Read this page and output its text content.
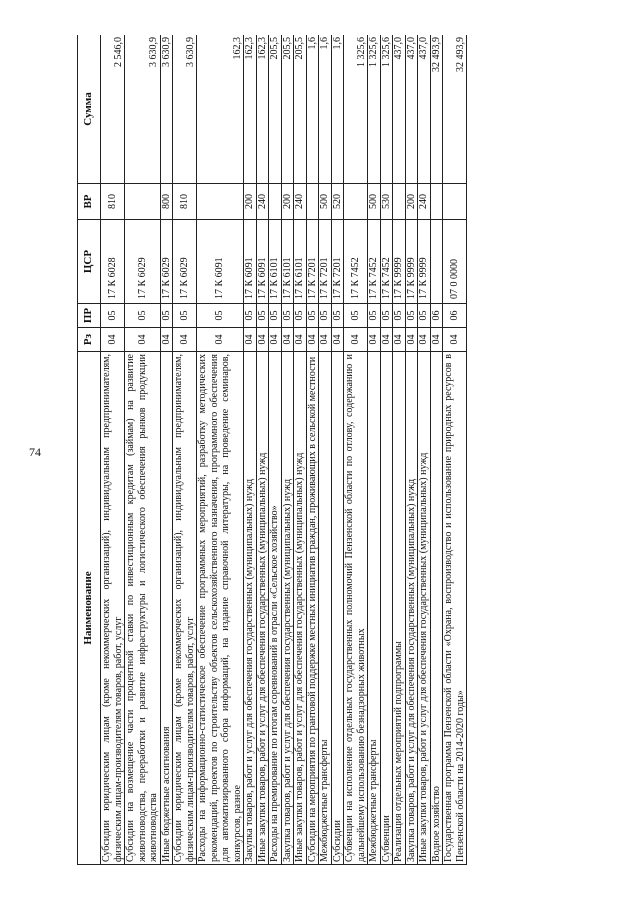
74
Наименование	Рз	ПР	ЦСР	ВР	Сумма
Субсидии юридическим лицам (кроме некоммерческих организаций), индивидуальным предпринимателям, физическим лицам-производителям товаров, работ, услуг	04	05	17 К 6028	810	2 546,0
Субсидии на возмещение части процентной ставки по инвестиционным кредитам (займам) на развитие животноводства, переработки и развитие инфраструктуры и логистического обеспечения рынков продукции животноводства	04	05	17 К 6029		3 630,9
Иные бюджетные ассигнования	04	05	17 К 6029	800	3 630,9
Субсидии юридическим лицам (кроме некоммерческих организаций), индивидуальным предпринимателям, физическим лицам-производителям товаров, работ, услуг	04	05	17 К 6029	810	3 630,9
Расходы на информационно-статистическое обеспечение программных мероприятий, разработку методических рекомендаций, проектов по строительству объектов сельскохозяйственного назначения, программного обеспечения для автоматизированного сбора информаций, на издание справочной литературы, на проведение семинаров, конкурсов, разное	04	05	17 К 6091		162,3
Закупка товаров, работ и услуг для обеспечения государственных (муниципальных) нужд	04	05	17 К 6091	200	162,3
Иные закупки товаров, работ и услуг для обеспечения государственных (муниципальных) нужд	04	05	17 К 6091	240	162,3
Расходы на премирование по итогам соревнований в отрасли «Сельское хозяйство»	04	05	17 К 6101		205,5
Закупка товаров, работ и услуг для обеспечения государственных (муниципальных) нужд	04	05	17 К 6101	200	205,5
Иные закупки товаров, работ и услуг для обеспечения государственных (муниципальных) нужд	04	05	17 К 6101	240	205,5
Субсидии на мероприятия по грантовой поддержке местных инициатив граждан, проживающих в сельской местности	04	05	17 К 7201		1,6
Межбюджетные трансферты	04	05	17 К 7201	500	1,6
Субсидии	04	05	17 К 7201	520	1,6
Субвенции на исполнение отдельных государственных полномочий Пензенской области по отлову, содержанию и дальнейшему использованию безнадзорных животных	04	05	17 К 7452		1 325,6
Межбюджетные трансферты	04	05	17 К 7452	500	1 325,6
Субвенции	04	05	17 К 7452	530	1 325,6
Реализация отдельных мероприятий подпрограммы	04	05	17 К 9999		437,0
Закупка товаров, работ и услуг для обеспечения государственных (муниципальных) нужд	04	05	17 К 9999	200	437,0
Иные закупки товаров, работ и услуг для обеспечения государственных (муниципальных) нужд	04	05	17 К 9999	240	437,0
Водное хозяйство	04	06			32 493,9
Государственная программа Пензенской области «Охрана, воспроизводство и использование природных ресурсов в Пензенской области на 2014-2020 годы»	04	06	07 0 0000		32 493,9
